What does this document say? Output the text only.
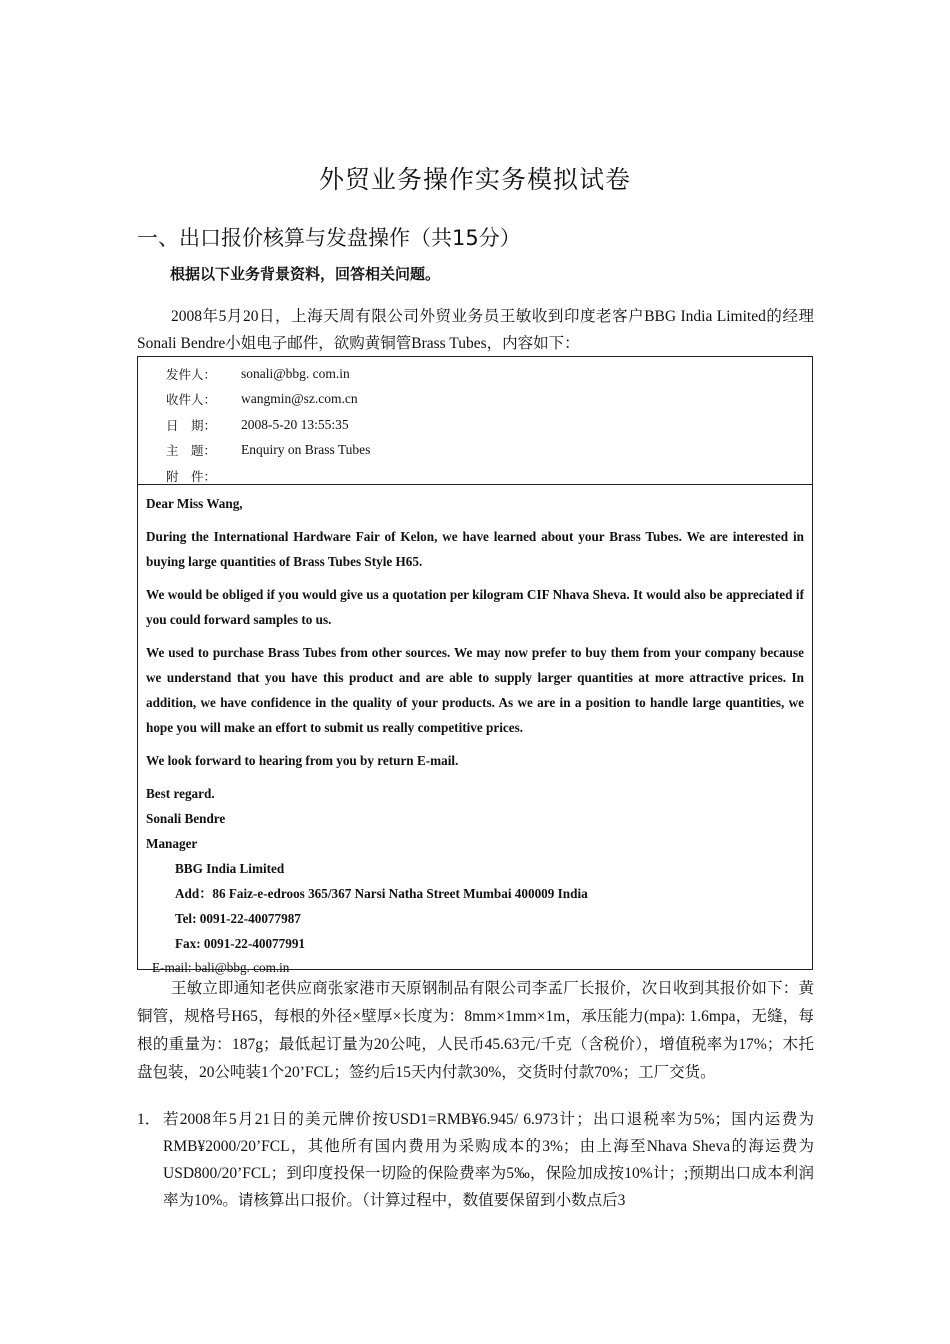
外贸业务操作实务模拟试卷
一、出口报价核算与发盘操作（共15分）
根据以下业务背景资料，回答相关问题。
2008年5月20日，上海天周有限公司外贸业务员王敏收到印度老客户BBG India Limited的经理Sonali Bendre小姐电子邮件，欲购黄铜管Brass Tubes，内容如下：
发件人：	sonali@bbg. com.in
收件人：	wangmin@sz.com.cn
日　期：	2008-5-20 13:55:35
主　题：	Enquiry on Brass Tubes
附　件：
Dear Miss Wang,
During the International Hardware Fair of Kelon, we have learned about your Brass Tubes. We are interested in buying large quantities of Brass Tubes Style H65.
We would be obliged if you would give us a quotation per kilogram CIF Nhava Sheva. It would also be appreciated if you could forward samples to us.
We used to purchase Brass Tubes from other sources. We may now prefer to buy them from your company because we understand that you have this product and are able to supply larger quantities at more attractive prices. In addition, we have confidence in the quality of your products. As we are in a position to handle large quantities, we hope you will make an effort to submit us really competitive prices.
We look forward to hearing from you by return E-mail.
Best regard.
Sonali Bendre
Manager
BBG India Limited
Add：86 Faiz-e-edroos 365/367 Narsi Natha Street Mumbai 400009 India
Tel: 0091-22-40077987
Fax: 0091-22-40077991
E-mail: bali@bbg. com.in
王敏立即通知老供应商张家港市天原钢制品有限公司李孟厂长报价，次日收到其报价如下：黄铜管，规格号H65，每根的外径×壁厚×长度为：8mm×1mm×1m，承压能力(mpa): 1.6mpa，无缝，每根的重量为：187g；最低起订量为20公吨，人民币45.63元/千克（含税价），增值税率为17%；木托盘包装，20公吨装1个20’FCL；签约后15天内付款30%，交货时付款70%；工厂交货。
1． 若2008年5月21日的美元牌价按USD1=RMB¥6.945/ 6.973计；出口退税率为5%；国内运费为RMB¥2000/20’FCL，其他所有国内费用为采购成本的3%；由上海至Nhava Sheva的海运费为USD800/20’FCL；到印度投保一切险的保险费率为5‰，保险加成按10%计；;预期出口成本利润率为10%。请核算出口报价。（计算过程中，数值要保留到小数点后3
